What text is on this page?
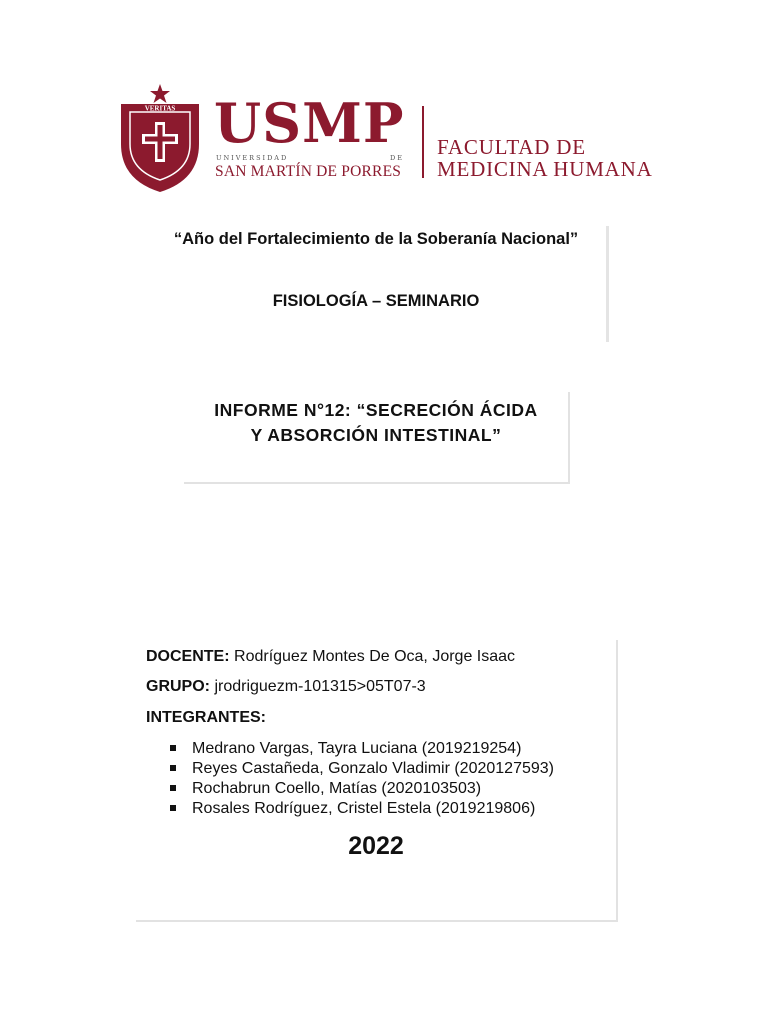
VERITAS USMP
UNIVERSIDAD DE
SAN MARTÍN DE PORRES
FACULTAD DE
MEDICINA HUMANA
“Año del Fortalecimiento de la Soberanía Nacional”
FISIOLOGÍA – SEMINARIO
INFORME N°12: “SECRECIÓN ÁCIDA
Y ABSORCIÓN INTESTINAL”
DOCENTE: Rodríguez Montes De Oca, Jorge Isaac
GRUPO: jrodriguezm-101315>05T07-3
INTEGRANTES:
Medrano Vargas, Tayra Luciana (2019219254)
Reyes Castañeda, Gonzalo Vladimir (2020127593)
Rochabrun Coello, Matías (2020103503)
Rosales Rodríguez, Cristel Estela (2019219806)
2022
